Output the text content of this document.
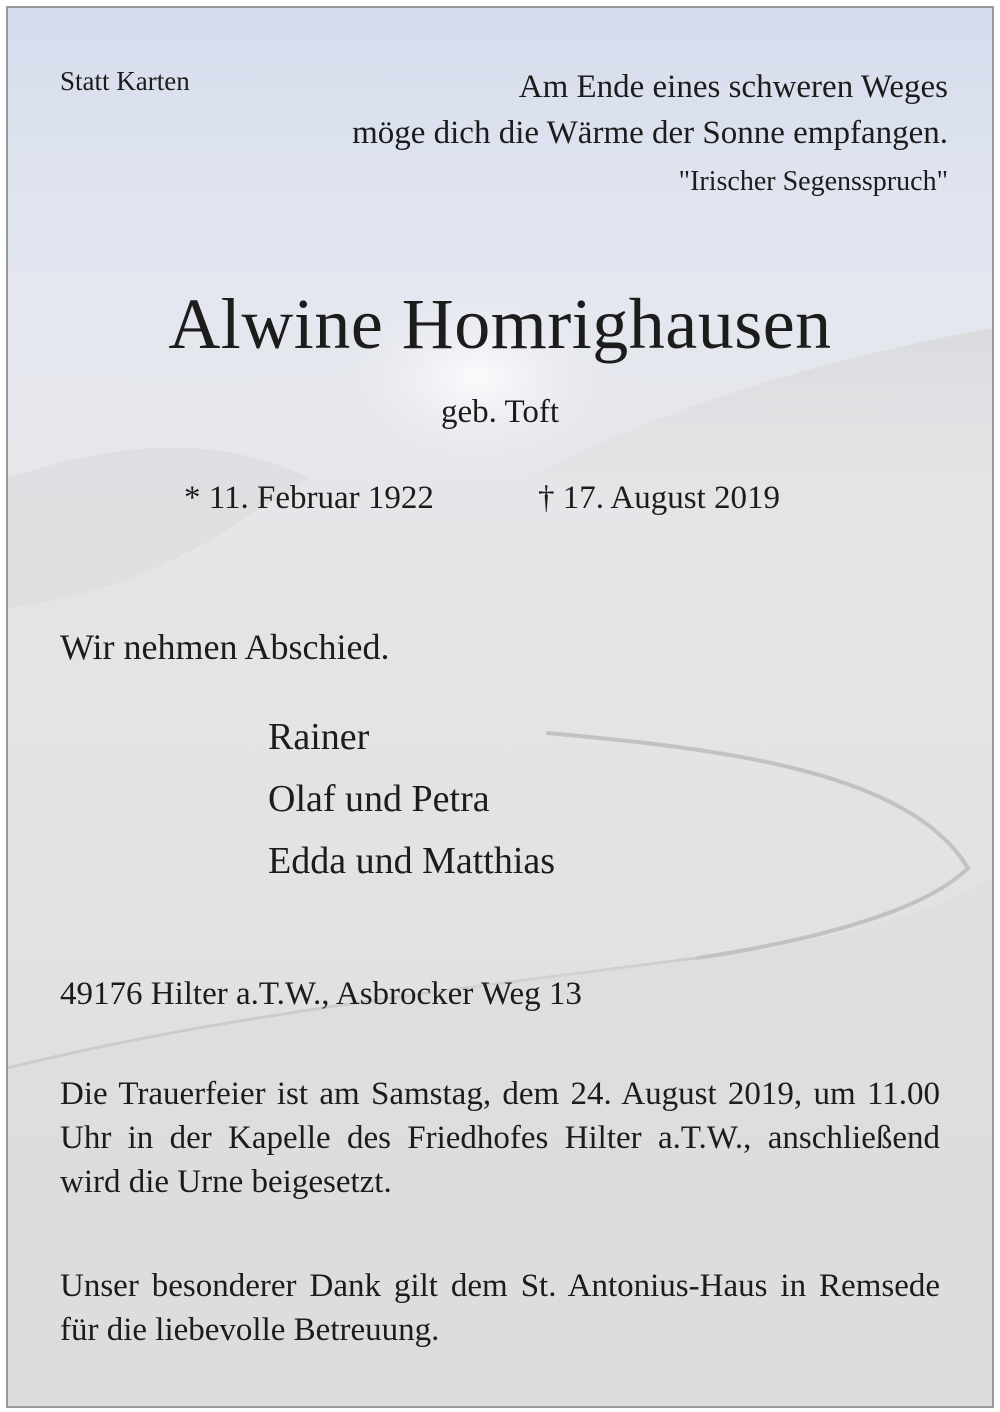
Statt Karten	Am Ende eines schweren Weges
möge dich die Wärme der Sonne empfangen.

"Irischer Segensspruch"

Alwine Homrighausen

geb. Toft

* 11. Februar 1922	† 17. August 2019

Wir nehmen Abschied.

Rainer
Olaf und Petra
Edda und Matthias

49176 Hilter a.T.W., Asbrocker Weg 13

Die Trauerfeier ist am Samstag, dem 24. August 2019, um 11.00 Uhr in der Kapelle des Friedhofes Hilter a.T.W., anschließend wird die Urne beigesetzt.

Unser besonderer Dank gilt dem St. Antonius-Haus in Remsede für die liebevolle Betreuung.
